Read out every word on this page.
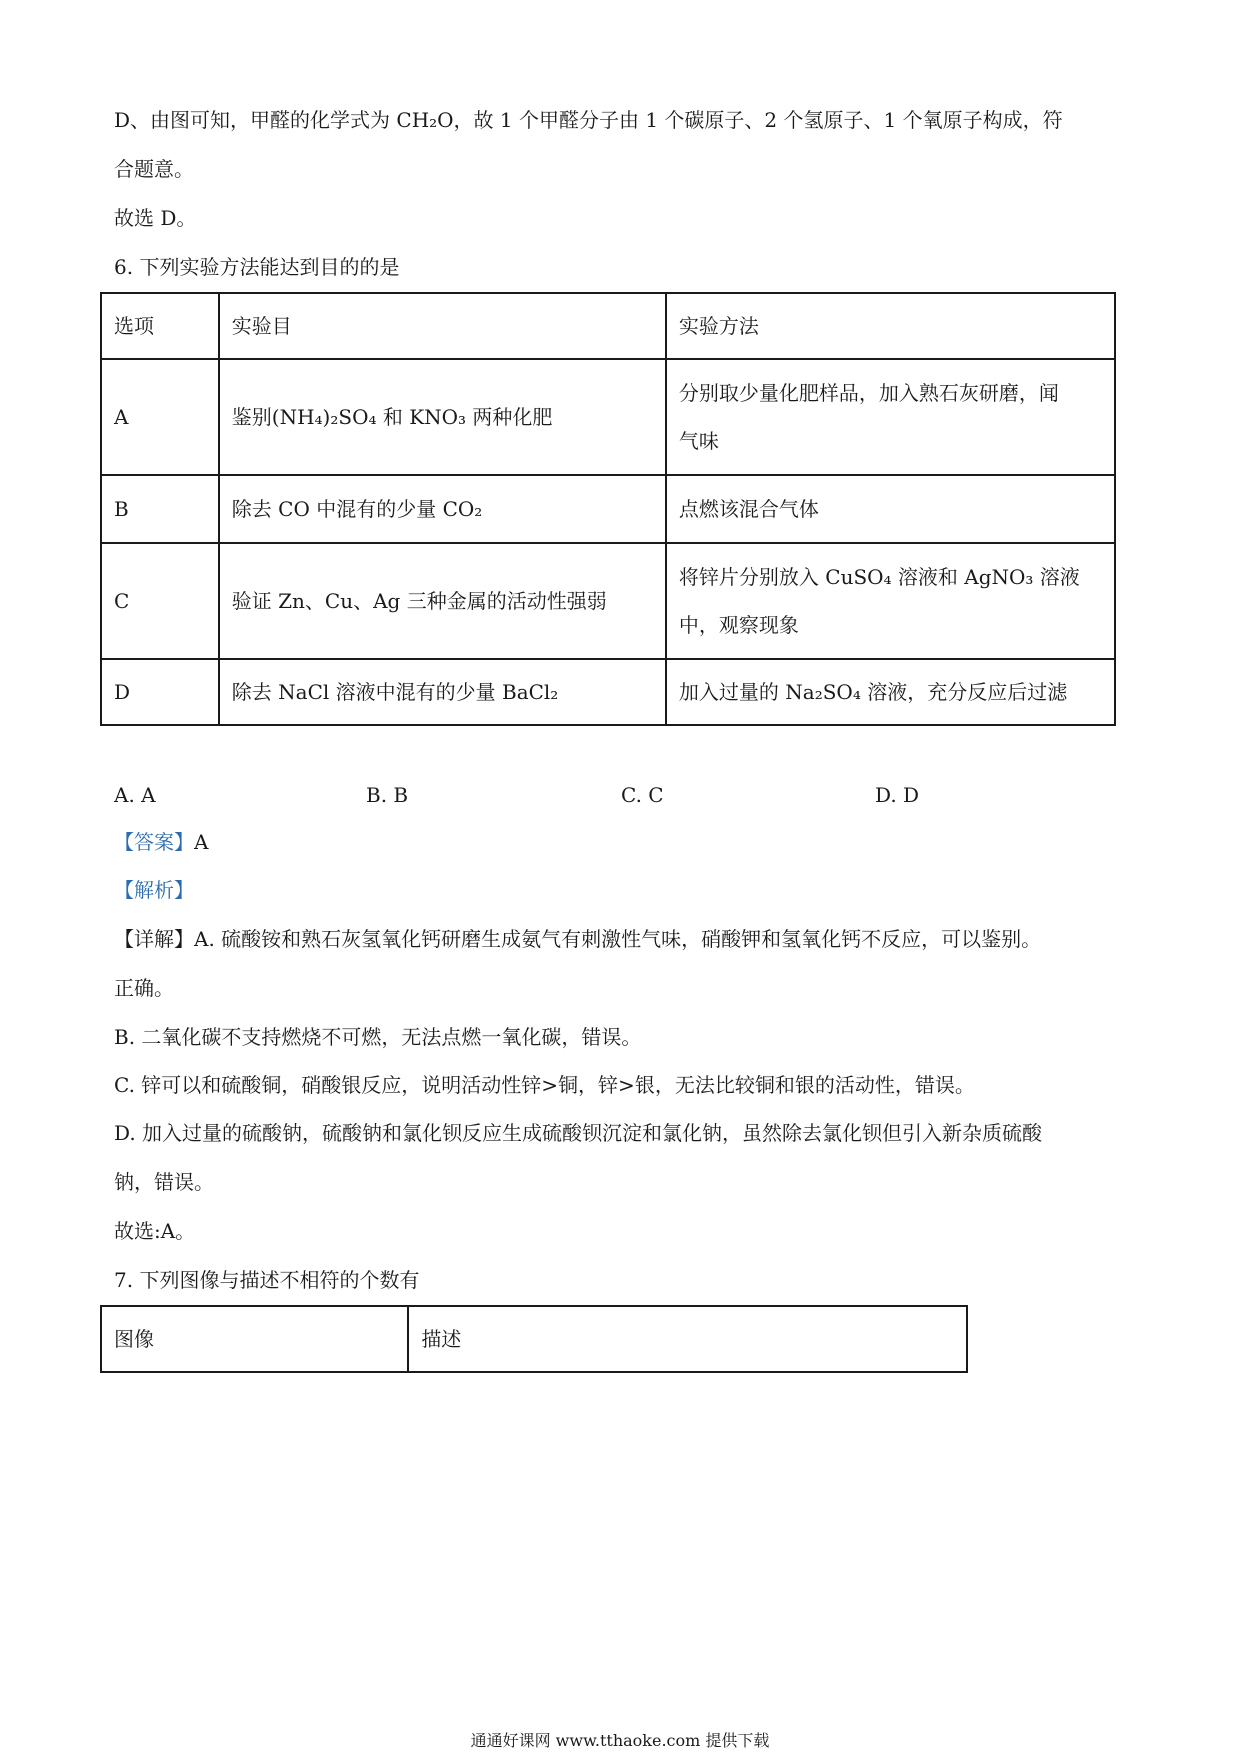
D、由图可知，甲醛的化学式为 CH₂O，故 1 个甲醛分子由 1 个碳原子、2 个氢原子、1 个氧原子构成，符
合题意。
故选 D。
6. 下列实验方法能达到目的的是
选项	实验目	实验方法
A	鉴别(NH₄)₂SO₄ 和 KNO₃ 两种化肥	分别取少量化肥样品，加入熟石灰研磨，闻
气味

B	除去 CO 中混有的少量 CO₂	点燃该混合气体
C	验证 Zn、Cu、Ag 三种金属的活动性强弱	将锌片分别放入 CuSO₄ 溶液和 AgNO₃ 溶液
中，观察现象

D	除去 NaCl 溶液中混有的少量 BaCl₂	加入过量的 Na₂SO₄ 溶液，充分反应后过滤
A. A	B. B	C. C	D. D
【答案】A
【解析】
【详解】A. 硫酸铵和熟石灰氢氧化钙研磨生成氨气有刺激性气味，硝酸钾和氢氧化钙不反应，可以鉴别。
正确。
B. 二氧化碳不支持燃烧不可燃，无法点燃一氧化碳，错误。
C. 锌可以和硫酸铜，硝酸银反应，说明活动性锌>铜，锌>银，无法比较铜和银的活动性，错误。
D. 加入过量的硫酸钠，硫酸钠和氯化钡反应生成硫酸钡沉淀和氯化钠，虽然除去氯化钡但引入新杂质硫酸
钠，错误。
故选:A。
7. 下列图像与描述不相符的个数有
图像	描述
通通好课网 www.tthaoke.com 提供下载
